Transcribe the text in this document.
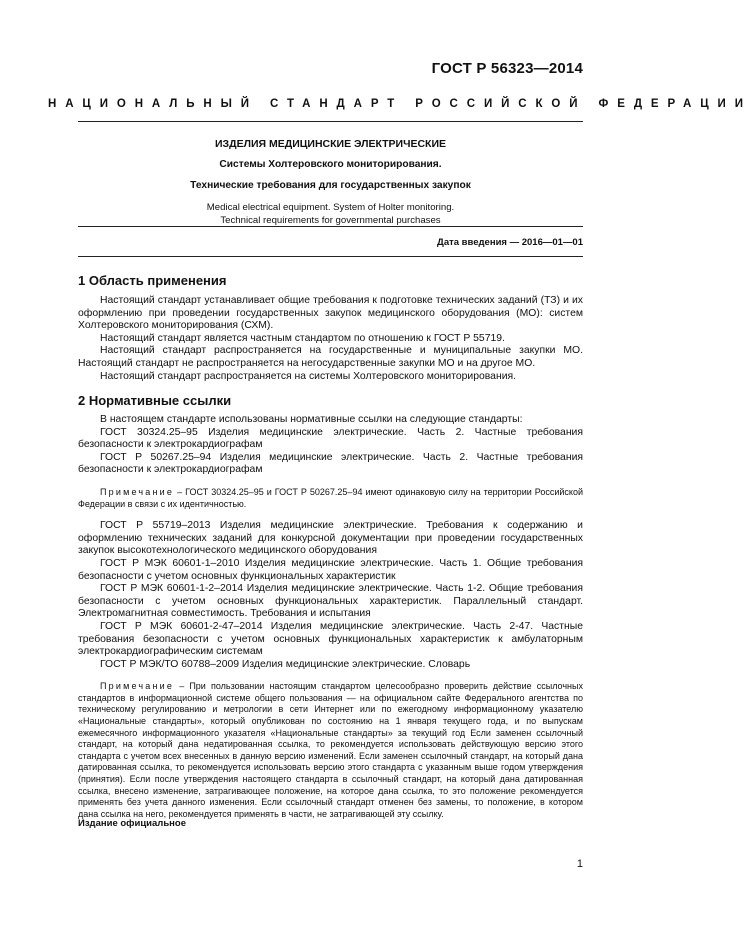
ГОСТ Р 56323—2014
НАЦИОНАЛЬНЫЙ СТАНДАРТ РОССИЙСКОЙ ФЕДЕРАЦИИ
ИЗДЕЛИЯ МЕДИЦИНСКИЕ ЭЛЕКТРИЧЕСКИЕ
Системы Холтеровского мониторирования.
Технические требования для государственных закупок
Medical electrical equipment. System of Holter monitoring.
Technical requirements for governmental purchases
Дата введения — 2016—01—01
1 Область применения

Настоящий стандарт устанавливает общие требования к подготовке технических заданий (ТЗ) и их оформлению при проведении государственных закупок медицинского оборудования (МО): систем Холтеровского мониторирования (СХМ).

Настоящий стандарт является частным стандартом по отношению к ГОСТ Р 55719.

Настоящий стандарт распространяется на государственные и муниципальные закупки МО. Настоящий стандарт не распространяется на негосударственные закупки МО и на другое МО.

Настоящий стандарт распространяется на системы Холтеровского мониторирования.

2 Нормативные ссылки

В настоящем стандарте использованы нормативные ссылки на следующие стандарты:

ГОСТ 30324.25–95 Изделия медицинские электрические. Часть 2. Частные требования безопасности к электрокардиографам

ГОСТ Р 50267.25–94 Изделия медицинские электрические. Часть 2. Частные требования безопасности к электрокардиографам

Примечание – ГОСТ 30324.25–95 и ГОСТ Р 50267.25–94 имеют одинаковую силу на территории Российской Федерации в связи с их идентичностью.

ГОСТ Р 55719–2013 Изделия медицинские электрические. Требования к содержанию и оформлению технических заданий для конкурсной документации при проведении государственных закупок высокотехнологического медицинского оборудования

ГОСТ Р МЭК 60601-1–2010 Изделия медицинские электрические. Часть 1. Общие требования безопасности с учетом основных функциональных характеристик

ГОСТ Р МЭК 60601-1-2–2014 Изделия медицинские электрические. Часть 1-2. Общие требования безопасности с учетом основных функциональных характеристик. Параллельный стандарт. Электромагнитная совместимость. Требования и испытания

ГОСТ Р МЭК 60601-2-47–2014 Изделия медицинские электрические. Часть 2-47. Частные требования безопасности с учетом основных функциональных характеристик к амбулаторным электрокардиографическим системам

ГОСТ Р МЭК/ТО 60788–2009 Изделия медицинские электрические. Словарь

Примечание – При пользовании настоящим стандартом целесообразно проверить действие ссылочных стандартов в информационной системе общего пользования — на официальном сайте Федерального агентства по техническому регулированию и метрологии в сети Интернет или по ежегодному информационному указателю «Национальные стандарты», который опубликован по состоянию на 1 января текущего года, и по выпускам ежемесячного информационного указателя «Национальные стандарты» за текущий год Если заменен ссылочный стандарт, на который дана недатированная ссылка, то рекомендуется использовать действующую версию этого стандарта с учетом всех внесенных в данную версию изменений. Если заменен ссылочный стандарт, на который дана датированная ссылка, то рекомендуется использовать версию этого стандарта с указанным выше годом утверждения (принятия). Если после утверждения настоящего стандарта в ссылочный стандарт, на который дана датированная ссылка, внесено изменение, затрагивающее положение, на которое дана ссылка, то это положение рекомендуется применять без учета данного изменения. Если ссылочный стандарт отменен без замены, то положение, в котором дана ссылка на него, рекомендуется применять в части, не затрагивающей эту ссылку.

Издание официальное
1
